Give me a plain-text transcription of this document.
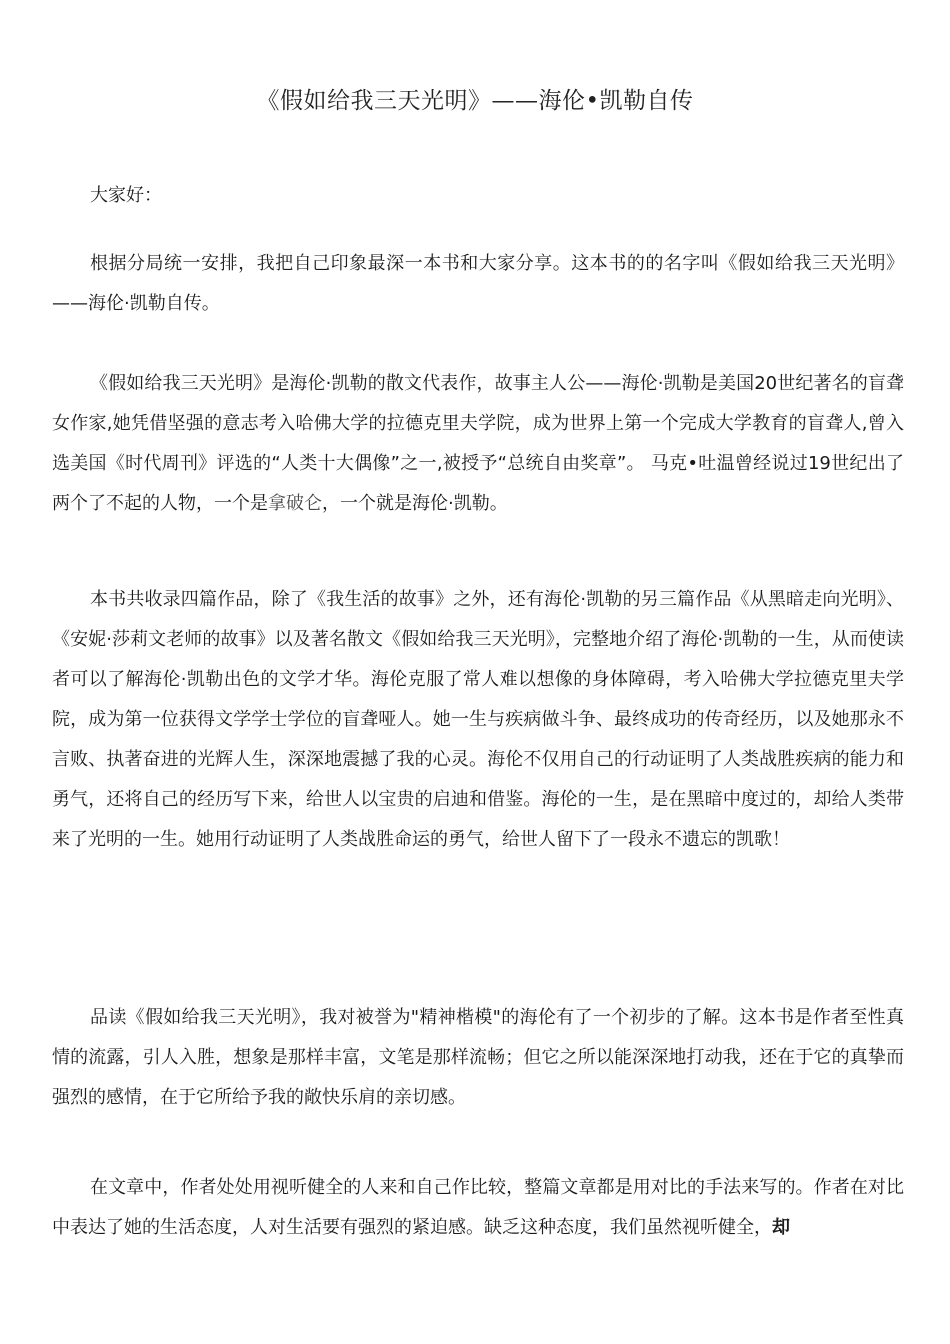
《假如给我三天光明》——海伦•凯勒自传

大家好：

根据分局统一安排，我把自己印象最深一本书和大家分享。这本书的的名字叫《假如给我三天光明》——海伦·凯勒自传。

《假如给我三天光明》是海伦·凯勒的散文代表作，故事主人公——海伦·凯勒是美国20世纪著名的盲聋女作家,她凭借坚强的意志考入哈佛大学的拉德克里夫学院，成为世界上第一个完成大学教育的盲聋人,曾入选美国《时代周刊》评选的“人类十大偶像”之一,被授予“总统自由奖章”。 马克•吐温曾经说过19世纪出了两个了不起的人物，一个是拿破仑，一个就是海伦·凯勒。

本书共收录四篇作品，除了《我生活的故事》之外，还有海伦·凯勒的另三篇作品《从黑暗走向光明》、《安妮·莎莉文老师的故事》以及著名散文《假如给我三天光明》，完整地介绍了海伦·凯勒的一生，从而使读者可以了解海伦·凯勒出色的文学才华。海伦克服了常人难以想像的身体障碍，考入哈佛大学拉德克里夫学院，成为第一位获得文学学士学位的盲聋哑人。她一生与疾病做斗争、最终成功的传奇经历，以及她那永不言败、执著奋进的光辉人生，深深地震撼了我的心灵。海伦不仅用自己的行动证明了人类战胜疾病的能力和勇气，还将自己的经历写下来，给世人以宝贵的启迪和借鉴。海伦的一生，是在黑暗中度过的，却给人类带来了光明的一生。她用行动证明了人类战胜命运的勇气，给世人留下了一段永不遗忘的凯歌！

品读《假如给我三天光明》，我对被誉为"精神楷模"的海伦有了一个初步的了解。这本书是作者至性真情的流露，引人入胜，想象是那样丰富，文笔是那样流畅；但它之所以能深深地打动我，还在于它的真挚而强烈的感情，在于它所给予我的敞快乐肩的亲切感。

在文章中，作者处处用视听健全的人来和自己作比较，整篇文章都是用对比的手法来写的。作者在对比中表达了她的生活态度，人对生活要有强烈的紧迫感。缺乏这种态度，我们虽然视听健全，却
